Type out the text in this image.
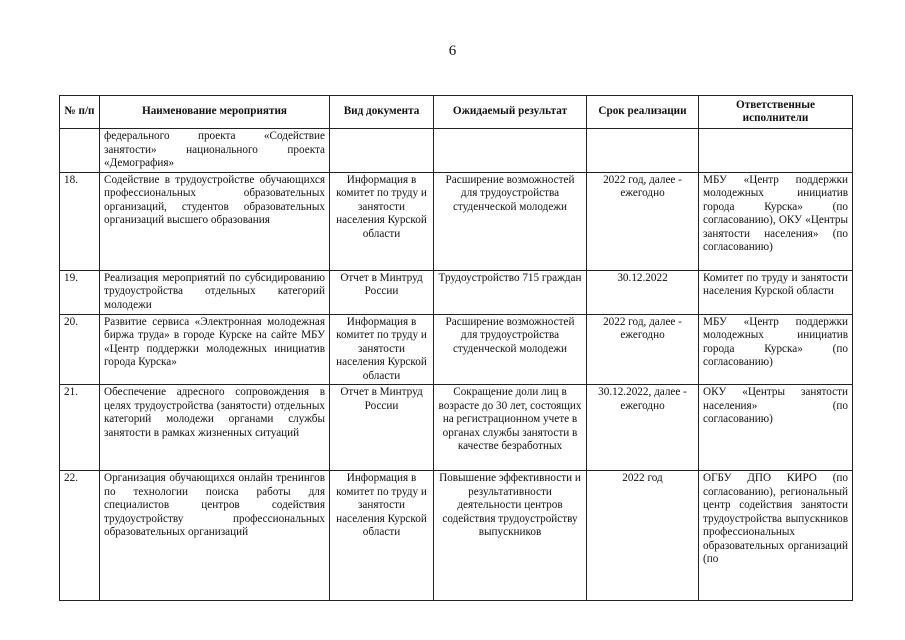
6
№ п/п	Наименование мероприятия	Вид документа	Ожидаемый результат	Срок реализации	Ответственные исполнители
	федерального проекта «Содействие занятости» национального проекта «Демография»				
18.	Содействие в трудоустройстве обучающихся профессиональных образовательных организаций, студентов образовательных организаций высшего образования	Информация в комитет по труду и занятости населения Курской области	Расширение возможностей для трудоустройства студенческой молодежи	2022 год, далее - ежегодно	МБУ «Центр поддержки молодежных инициатив города Курска» (по согласованию), ОКУ «Центры занятости населения» (по согласованию)
19.	Реализация мероприятий по субсидированию трудоустройства отдельных категорий молодежи	Отчет в Минтруд России	Трудоустройство 715 граждан	30.12.2022	Комитет по труду и занятости населения Курской области
20.	Развитие сервиса «Электронная молодежная биржа труда» в городе Курске на сайте МБУ «Центр поддержки молодежных инициатив города Курска»	Информация в комитет по труду и занятости населения Курской области	Расширение возможностей для трудоустройства студенческой молодежи	2022 год, далее - ежегодно	МБУ «Центр поддержки молодежных инициатив города Курска» (по согласованию)
21.	Обеспечение адресного сопровождения в целях трудоустройства (занятости) отдельных категорий молодежи органами службы занятости в рамках жизненных ситуаций	Отчет в Минтруд России	Сокращение доли лиц в возрасте до 30 лет, состоящих на регистрационном учете в органах службы занятости в качестве безработных	30.12.2022, далее - ежегодно	ОКУ «Центры занятости населения» (по согласованию)
22.	Организация обучающихся онлайн тренингов по технологии поиска работы для специалистов центров содействия трудоустройству профессиональных образовательных организаций	Информация в комитет по труду и занятости населения Курской области	Повышение эффективности и результативности деятельности центров содействия трудоустройству выпускников	2022 год	ОГБУ ДПО КИРО (по согласованию), региональный центр содействия занятости трудоустройства выпускников профессиональных образовательных организаций (по
